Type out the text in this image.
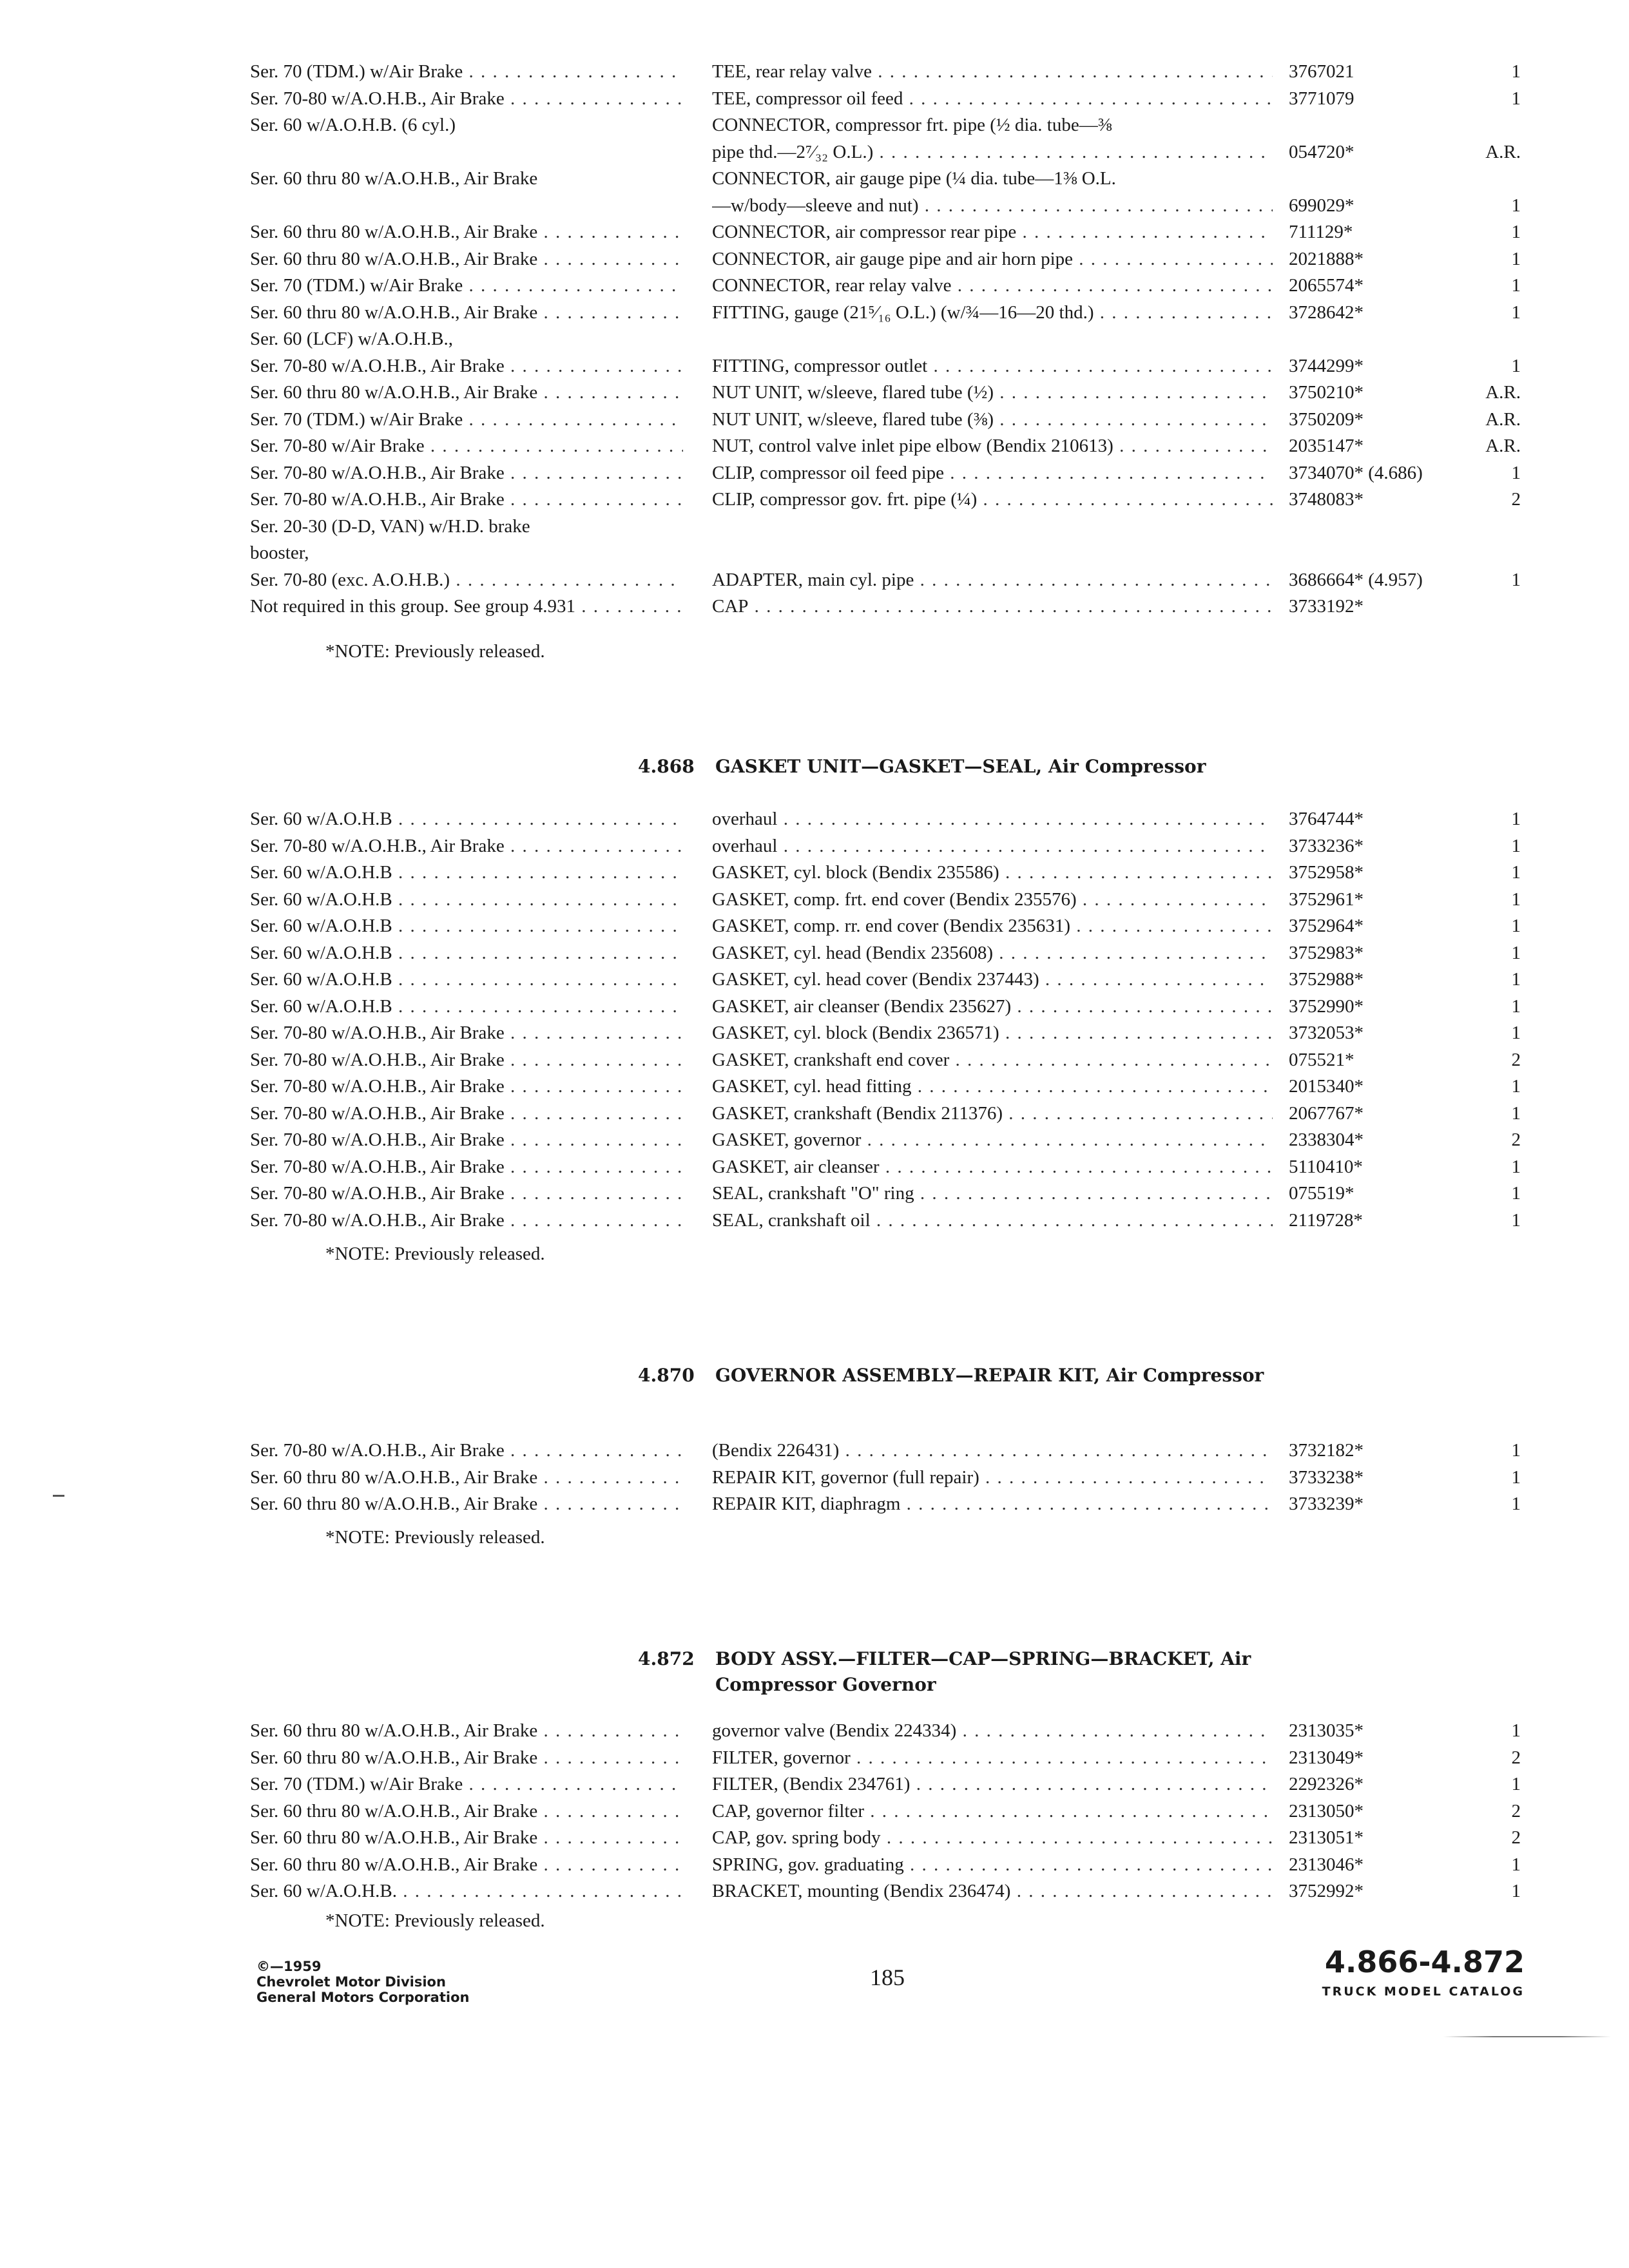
Ser. 70 (TDM.) w/Air Brake . . .	TEE, rear relay valve . . .	3767021	1
Ser. 70-80 w/A.O.H.B., Air Brake . . .	TEE, compressor oil feed . . .	3771079	1
Ser. 60 w/A.O.H.B. (6 cyl.)	CONNECTOR, compressor frt. pipe (½ dia. tube—⅜
pipe thd.—2⁷⁄₃₂ O.L.) . . .	054720*	A.R.
Ser. 60 thru 80 w/A.O.H.B., Air Brake	CONNECTOR, air gauge pipe (¼ dia. tube—1⅜ O.L.
—w/body—sleeve and nut) . . .	699029*	1
Ser. 60 thru 80 w/A.O.H.B., Air Brake . . .	CONNECTOR, air compressor rear pipe . . .	711129*	1
Ser. 60 thru 80 w/A.O.H.B., Air Brake . . .	CONNECTOR, air gauge pipe and air horn pipe . . .	2021888*	1
Ser. 70 (TDM.) w/Air Brake . . .	CONNECTOR, rear relay valve . . .	2065574*	1
Ser. 60 thru 80 w/A.O.H.B., Air Brake . . .	FITTING, gauge (21⁵⁄₁₆ O.L.) (w/¾—16—20 thd.) . . .	3728642*	1
Ser. 60 (LCF) w/A.O.H.B.,
Ser. 70-80 w/A.O.H.B., Air Brake . . .	FITTING, compressor outlet . . .	3744299*	1
Ser. 60 thru 80 w/A.O.H.B., Air Brake . . .	NUT UNIT, w/sleeve, flared tube (½) . . .	3750210*	A.R.
Ser. 70 (TDM.) w/Air Brake . . .	NUT UNIT, w/sleeve, flared tube (⅜) . . .	3750209*	A.R.
Ser. 70-80 w/Air Brake . . .	NUT, control valve inlet pipe elbow (Bendix 210613) . . .	2035147*	A.R.
Ser. 70-80 w/A.O.H.B., Air Brake . . .	CLIP, compressor oil feed pipe . . .	3734070* (4.686)	1
Ser. 70-80 w/A.O.H.B., Air Brake . . .	CLIP, compressor gov. frt. pipe (¼) . . .	3748083*	2
Ser. 20-30 (D-D, VAN) w/H.D. brake
booster,
Ser. 70-80 (exc. A.O.H.B.) . . .	ADAPTER, main cyl. pipe . . .	3686664* (4.957)	1
Not required in this group. See group 4.931 . . .	CAP . . .	3733192*
*NOTE: Previously released.
4.868 GASKET UNIT—GASKET—SEAL, Air Compressor
Ser. 60 w/A.O.H.B . . .	overhaul . . .	3764744*	1
Ser. 70-80 w/A.O.H.B., Air Brake . . .	overhaul . . .	3733236*	1
Ser. 60 w/A.O.H.B . . .	GASKET, cyl. block (Bendix 235586) . . .	3752958*	1
Ser. 60 w/A.O.H.B . . .	GASKET, comp. frt. end cover (Bendix 235576) . . .	3752961*	1
Ser. 60 w/A.O.H.B . . .	GASKET, comp. rr. end cover (Bendix 235631) . . .	3752964*	1
Ser. 60 w/A.O.H.B . . .	GASKET, cyl. head (Bendix 235608) . . .	3752983*	1
Ser. 60 w/A.O.H.B . . .	GASKET, cyl. head cover (Bendix 237443) . . .	3752988*	1
Ser. 60 w/A.O.H.B . . .	GASKET, air cleanser (Bendix 235627) . . .	3752990*	1
Ser. 70-80 w/A.O.H.B., Air Brake . . .	GASKET, cyl. block (Bendix 236571) . . .	3732053*	1
Ser. 70-80 w/A.O.H.B., Air Brake . . .	GASKET, crankshaft end cover . . .	075521*	2
Ser. 70-80 w/A.O.H.B., Air Brake . . .	GASKET, cyl. head fitting . . .	2015340*	1
Ser. 70-80 w/A.O.H.B., Air Brake . . .	GASKET, crankshaft (Bendix 211376) . . .	2067767*	1
Ser. 70-80 w/A.O.H.B., Air Brake . . .	GASKET, governor . . .	2338304*	2
Ser. 70-80 w/A.O.H.B., Air Brake . . .	GASKET, air cleanser . . .	5110410*	1
Ser. 70-80 w/A.O.H.B., Air Brake . . .	SEAL, crankshaft "O" ring . . .	075519*	1
Ser. 70-80 w/A.O.H.B., Air Brake . . .	SEAL, crankshaft oil . . .	2119728*	1
*NOTE: Previously released.
4.870 GOVERNOR ASSEMBLY—REPAIR KIT, Air Compressor
Ser. 70-80 w/A.O.H.B., Air Brake . . .	(Bendix 226431) . . .	3732182*	1
Ser. 60 thru 80 w/A.O.H.B., Air Brake . . .	REPAIR KIT, governor (full repair) . . .	3733238*	1
Ser. 60 thru 80 w/A.O.H.B., Air Brake . . .	REPAIR KIT, diaphragm . . .	3733239*	1
*NOTE: Previously released.
4.872 BODY ASSY.—FILTER—CAP—SPRING—BRACKET, Air Compressor Governor
Ser. 60 thru 80 w/A.O.H.B., Air Brake . . .	governor valve (Bendix 224334) . . .	2313035*	1
Ser. 60 thru 80 w/A.O.H.B., Air Brake . . .	FILTER, governor . . .	2313049*	2
Ser. 70 (TDM.) w/Air Brake . . .	FILTER, (Bendix 234761) . . .	2292326*	1
Ser. 60 thru 80 w/A.O.H.B., Air Brake . . .	CAP, governor filter . . .	2313050*	2
Ser. 60 thru 80 w/A.O.H.B., Air Brake . . .	CAP, gov. spring body . . .	2313051*	2
Ser. 60 thru 80 w/A.O.H.B., Air Brake . . .	SPRING, gov. graduating . . .	2313046*	1
Ser. 60 w/A.O.H.B. . . .	BRACKET, mounting (Bendix 236474) . . .	3752992*	1
*NOTE: Previously released.
©—1959
Chevrolet Motor Division
General Motors Corporation
185	4.866-4.872
TRUCK MODEL CATALOG
